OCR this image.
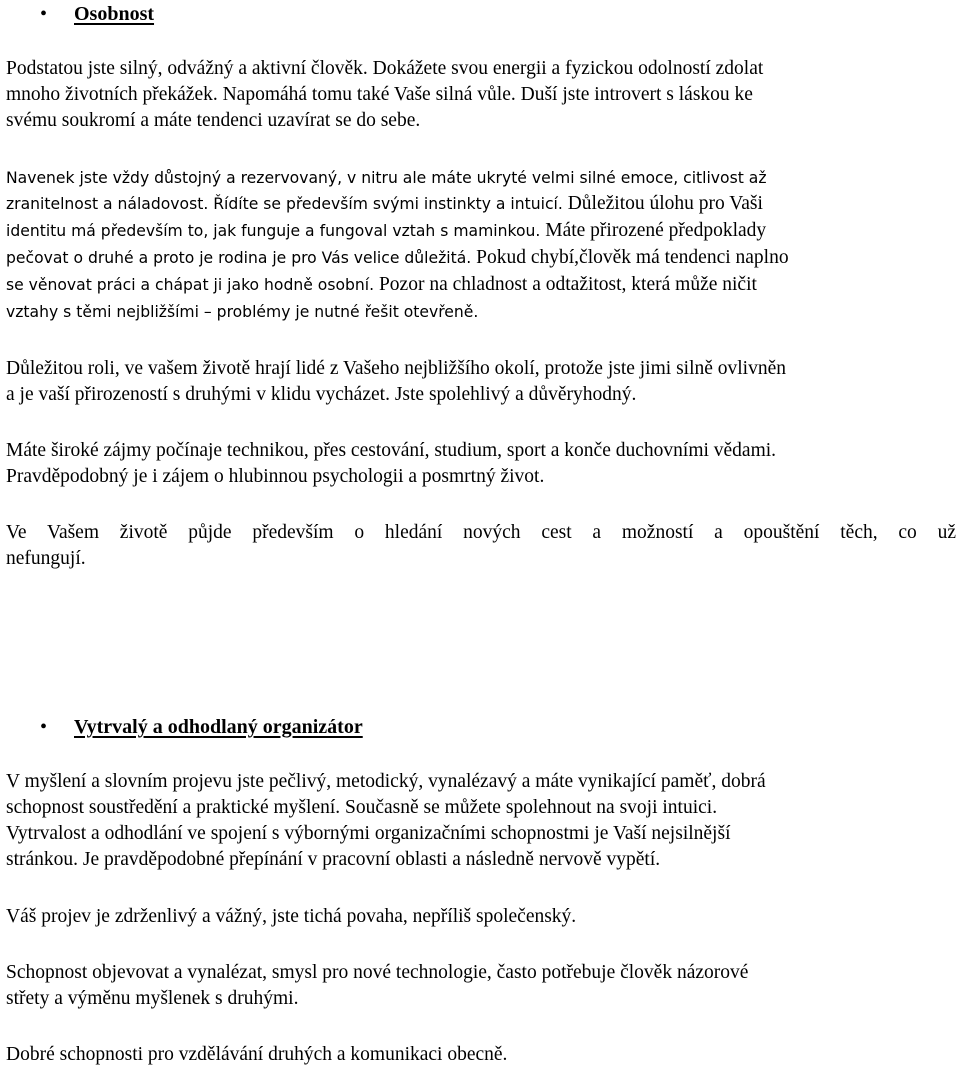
• Osobnost
Podstatou jste silný, odvážný a aktivní člověk. Dokážete svou energii a fyzickou odolností zdolat
mnoho životních překážek. Napomáhá tomu také Vaše silná vůle. Duší jste introvert s láskou ke
svému soukromí a máte tendenci uzavírat se do sebe.
Navenek jste vždy důstojný a rezervovaný, v nitru ale máte ukryté velmi silné emoce, citlivost až
zranitelnost a náladovost. Řídíte se především svými instinkty a intuicí. Důležitou úlohu pro Vaši
identitu má především to, jak funguje a fungoval vztah s maminkou. Máte přirozené předpoklady
pečovat o druhé a proto je rodina je pro Vás velice důležitá. Pokud chybí,člověk má tendenci naplno
se věnovat práci a chápat ji jako hodně osobní. Pozor na chladnost a odtažitost, která může ničit
vztahy s těmi nejbližšími – problémy je nutné řešit otevřeně.
Důležitou roli, ve vašem životě hrají lidé z Vašeho nejbližšího okolí, protože jste jimi silně ovlivněn
a je vaší přirozeností s druhými v klidu vycházet. Jste spolehlivý a důvěryhodný.
Máte široké zájmy počínaje technikou, přes cestování, studium, sport a konče duchovními vědami.
Pravděpodobný je i zájem o hlubinnou psychologii a posmrtný život.
Ve Vašem životě půjde především o hledání nových cest a možností a opouštění těch, co už
nefungují.
• Vytrvalý a odhodlaný organizátor
V myšlení a slovním projevu jste pečlivý, metodický, vynalézavý a máte vynikající paměť, dobrá
schopnost soustředění a praktické myšlení. Současně se můžete spolehnout na svoji intuici.
Vytrvalost a odhodlání ve spojení s výbornými organizačními schopnostmi je Vaší nejsilnější
stránkou. Je pravděpodobné přepínání v pracovní oblasti a následně nervově vypětí.
Váš projev je zdrženlivý a vážný, jste tichá povaha, nepříliš společenský.
Schopnost objevovat a vynalézat, smysl pro nové technologie, často potřebuje člověk názorové
střety a výměnu myšlenek s druhými.
Dobré schopnosti pro vzdělávání druhých a komunikaci obecně.
